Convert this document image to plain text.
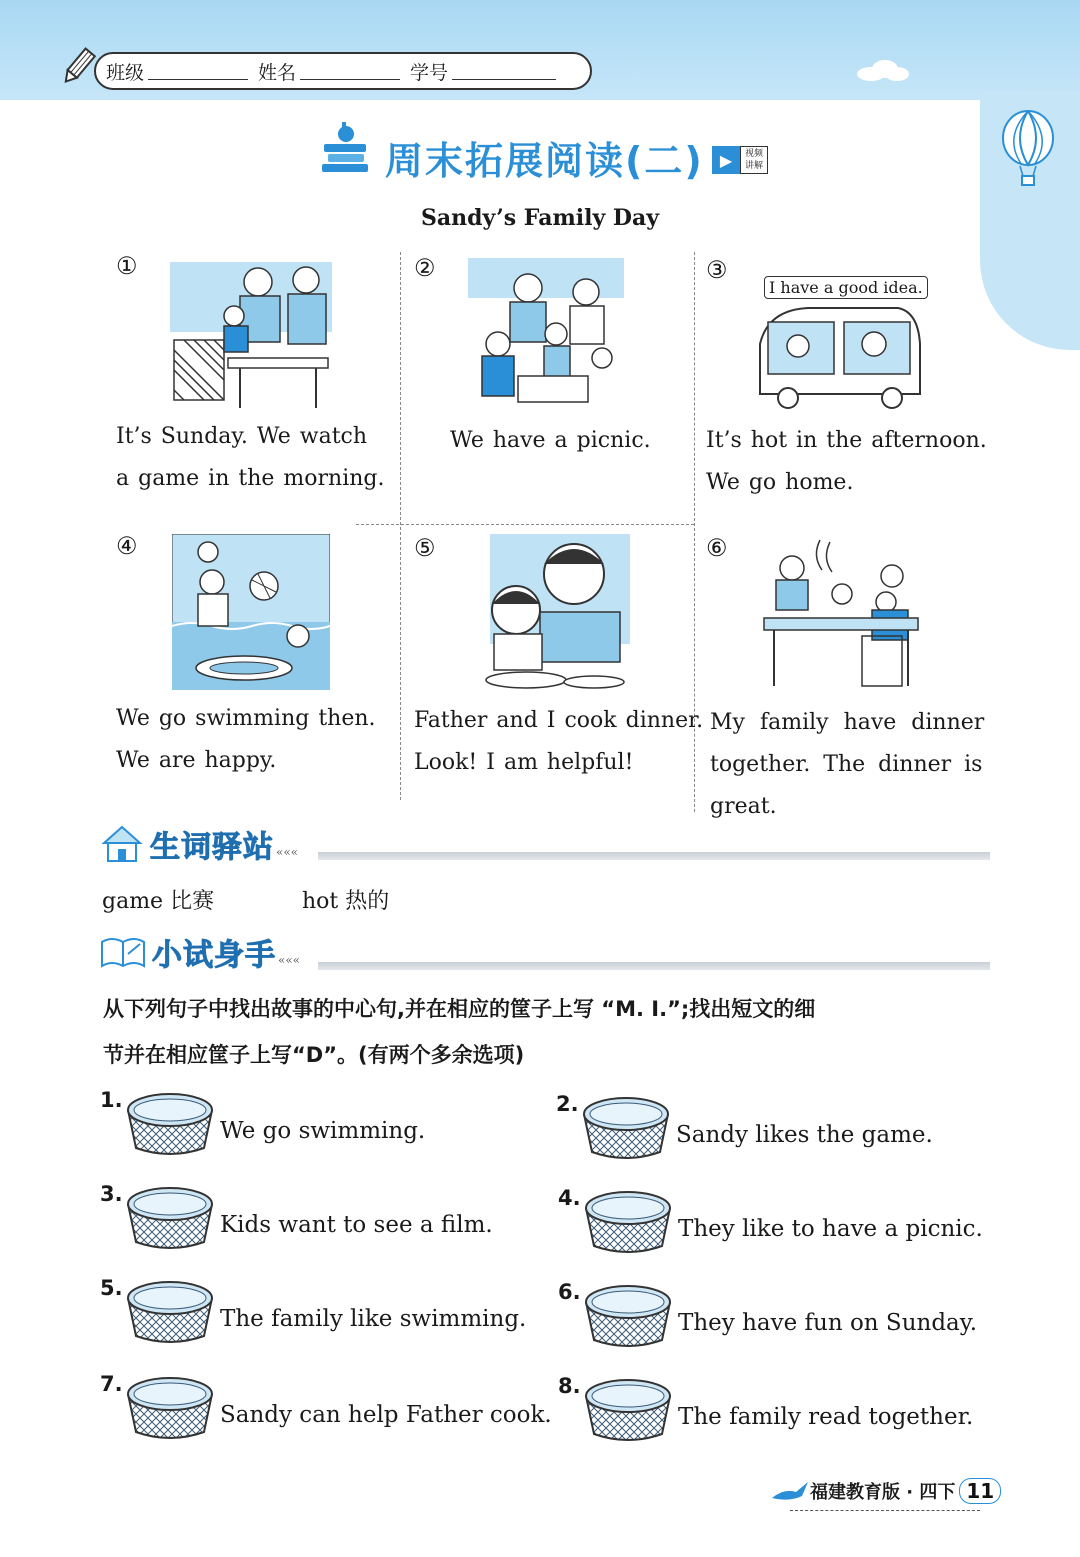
班级	姓名	学号
周末拓展阅读(二)	▶	视频讲解
Sandy’s Family Day
①
It’s Sunday. We watch
a game in the morning.
②
We have a picnic.
③
I have a good idea.
It’s hot in the afternoon.
We go home.
④
We go swimming then.
We are happy.
⑤
Father and I cook dinner.
Look! I am helpful!
⑥
My family have dinner
together. The dinner is
great.
生词驿站 «««
game 比赛	hot 热的
小试身手 «««
从下列句子中找出故事的中心句,并在相应的筐子上写 “M. I.”;找出短文的细
节并在相应筐子上写“D”。(有两个多余选项)
1.
We go swimming.
2.
Sandy likes the game.
3.
Kids want to see a film.
4.
They like to have a picnic.
5.
The family like swimming.
6.
They have fun on Sunday.
7.
Sandy can help Father cook.
8.
The family read together.
福建教育版 · 四下 11
